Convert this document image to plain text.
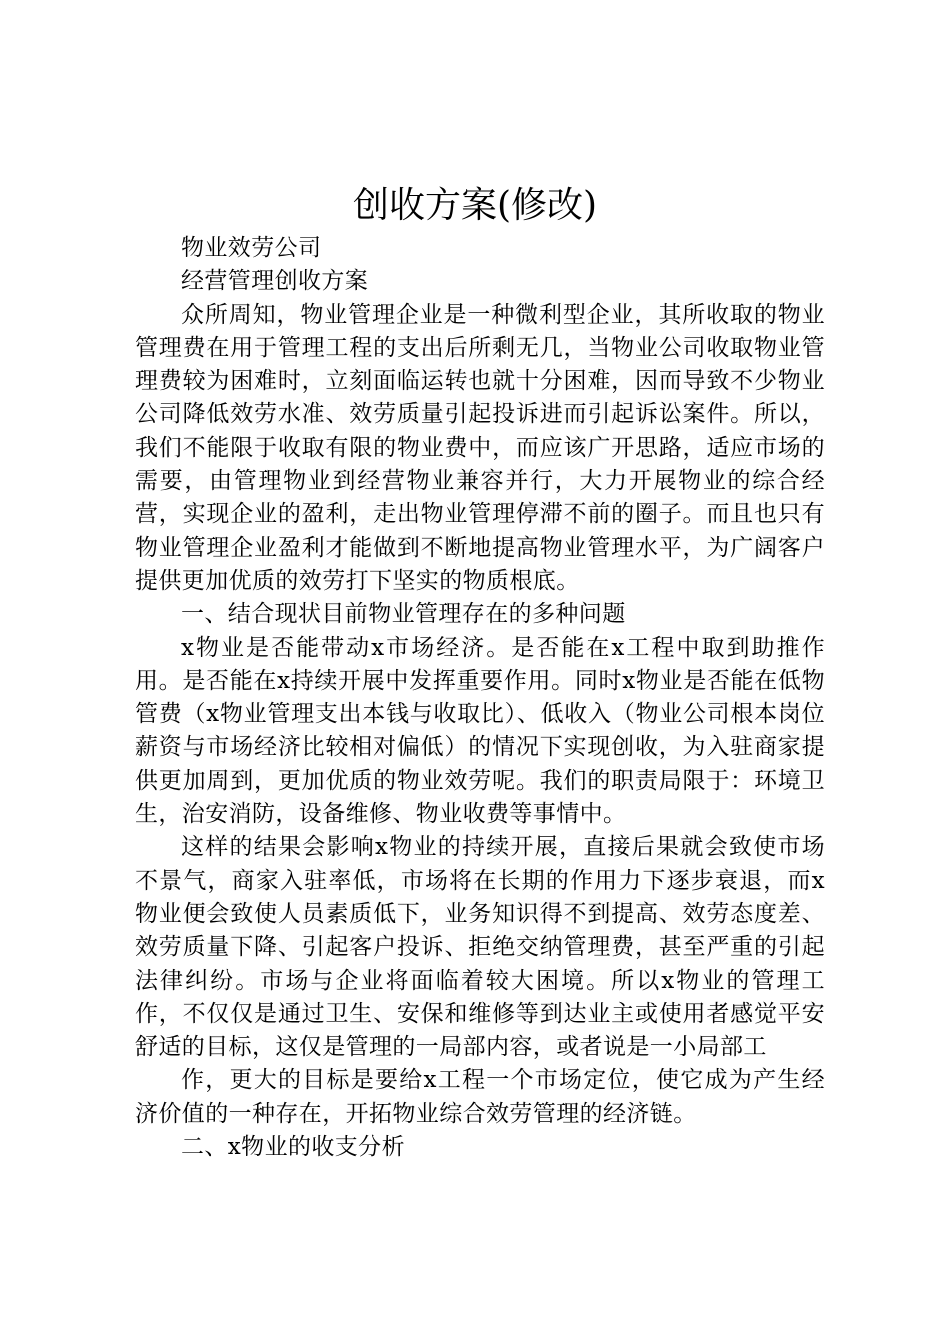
创收方案(修改)

物业效劳公司

经营管理创收方案

众所周知，物业管理企业是一种微利型企业，其所收取的物业管理费在用于管理工程的支出后所剩无几，当物业公司收取物业管理费较为困难时，立刻面临运转也就十分困难，因而导致不少物业公司降低效劳水准、效劳质量引起投诉进而引起诉讼案件。所以，我们不能限于收取有限的物业费中，而应该广开思路，适应市场的需要，由管理物业到经营物业兼容并行，大力开展物业的综合经营，实现企业的盈利，走出物业管理停滞不前的圈子。而且也只有物业管理企业盈利才能做到不断地提高物业管理水平，为广阔客户提供更加优质的效劳打下坚实的物质根底。

一、结合现状目前物业管理存在的多种问题

x物业是否能带动x市场经济。是否能在x工程中取到助推作用。是否能在x持续开展中发挥重要作用。同时x物业是否能在低物管费（x物业管理支出本钱与收取比）、低收入（物业公司根本岗位薪资与市场经济比较相对偏低）的情况下实现创收，为入驻商家提供更加周到，更加优质的物业效劳呢。我们的职责局限于：环境卫生，治安消防，设备维修、物业收费等事情中。

这样的结果会影响x物业的持续开展，直接后果就会致使市场不景气，商家入驻率低，市场将在长期的作用力下逐步衰退，而x物业便会致使人员素质低下，业务知识得不到提高、效劳态度差、效劳质量下降、引起客户投诉、拒绝交纳管理费，甚至严重的引起法律纠纷。市场与企业将面临着较大困境。所以x物业的管理工作，不仅仅是通过卫生、安保和维修等到达业主或使用者感觉平安舒适的目标，这仅是管理的一局部内容，或者说是一小局部工

作，更大的目标是要给x工程一个市场定位，使它成为产生经济价值的一种存在，开拓物业综合效劳管理的经济链。

二、x物业的收支分析
